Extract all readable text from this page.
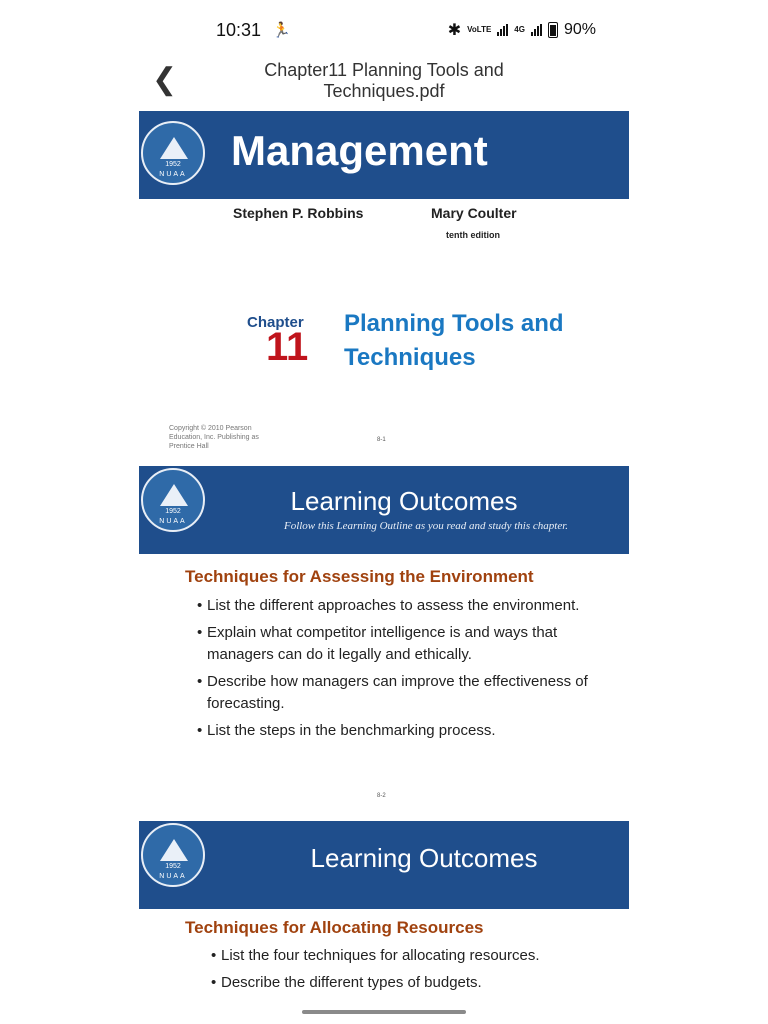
10:31 🏃	✱ VoLTE	4G 90%
❮	Chapter11 Planning Tools and Techniques.pdf
1952
NUAA
Management
Stephen P. Robbins	Mary Coulter
tenth edition
Chapter
11
Planning Tools and
Techniques
Copyright © 2010 Pearson Education, Inc. Publishing as Prentice Hall
8-1
1952
NUAA
Learning Outcomes
Follow this Learning Outline as you read and study this chapter.
Techniques for Assessing the Environment
• List the different approaches to assess the environment.
• Explain what competitor intelligence is and ways that managers can do it legally and ethically.
• Describe how managers can improve the effectiveness of forecasting.
• List the steps in the benchmarking process.
8-2
1952
NUAA
Learning Outcomes
Techniques for Allocating Resources
• List the four techniques for allocating resources.
• Describe the different types of budgets.
